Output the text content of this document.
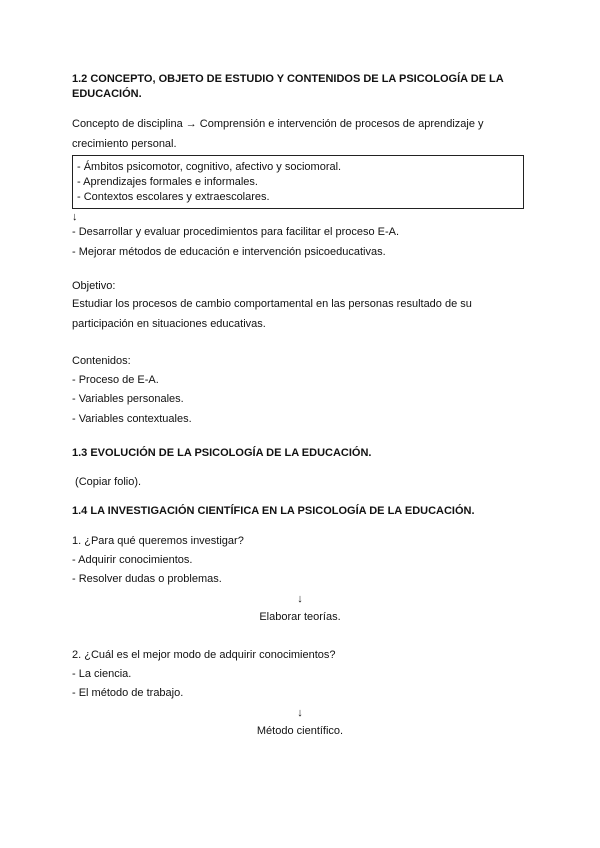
1.2 CONCEPTO, OBJETO DE ESTUDIO Y CONTENIDOS DE LA PSICOLOGÍA DE LA
EDUCACIÓN.
Concepto de disciplina → Comprensión e intervención de procesos de aprendizaje y
crecimiento personal.
- Ámbitos psicomotor, cognitivo, afectivo y sociomoral.
- Aprendizajes formales e informales.
- Contextos escolares y extraescolares.
↓
- Desarrollar y evaluar procedimientos para facilitar el proceso E-A.
- Mejorar métodos de educación e intervención psicoeducativas.
Objetivo:
Estudiar los procesos de cambio comportamental en las personas resultado de su
participación en situaciones educativas.
Contenidos:
- Proceso de E-A.
- Variables personales.
- Variables contextuales.
1.3 EVOLUCIÓN DE LA PSICOLOGÍA DE LA EDUCACIÓN.
(Copiar folio).
1.4 LA INVESTIGACIÓN CIENTÍFICA EN LA PSICOLOGÍA DE LA EDUCACIÓN.
1. ¿Para qué queremos investigar?
- Adquirir conocimientos.
- Resolver dudas o problemas.
↓
Elaborar teorías.
2. ¿Cuál es el mejor modo de adquirir conocimientos?
- La ciencia.
- El método de trabajo.
↓
Método científico.
